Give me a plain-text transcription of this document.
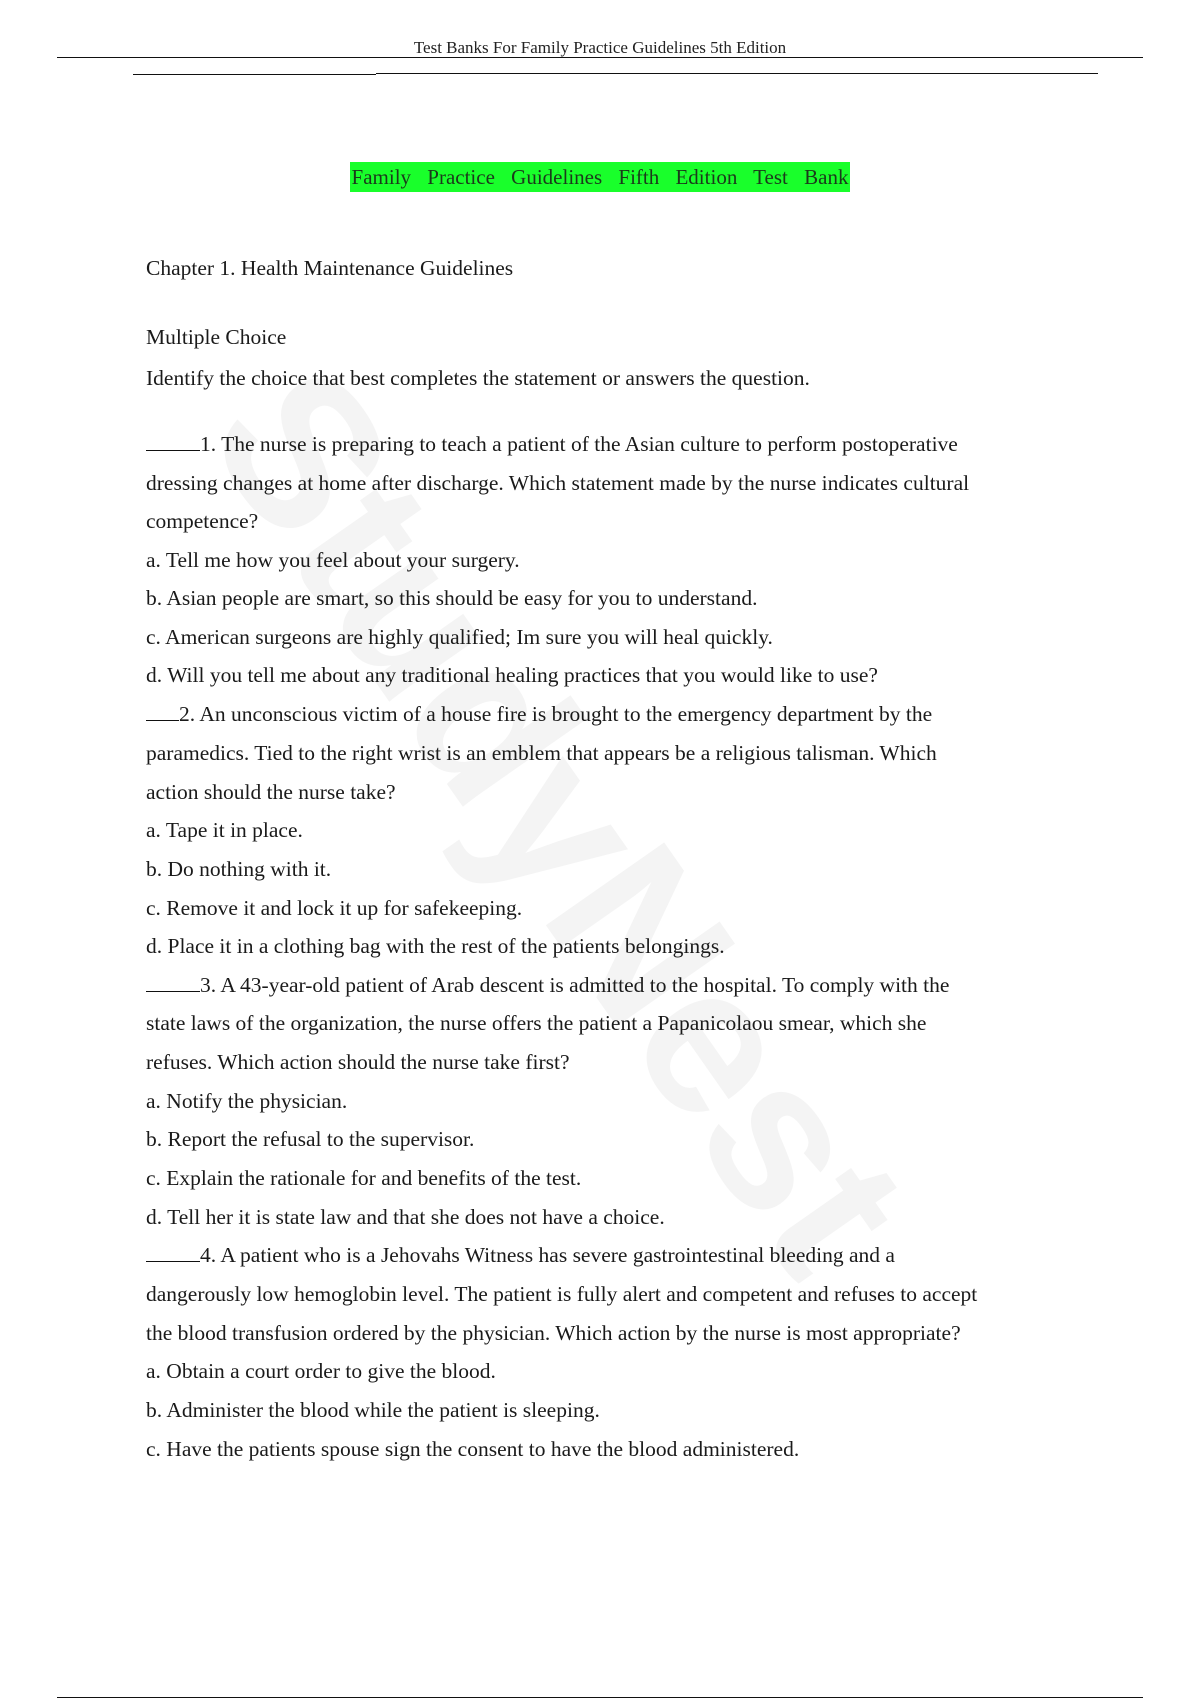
Test Banks For Family Practice Guidelines 5th Edition
Family Practice Guidelines Fifth Edition Test Bank
Chapter 1. Health Maintenance Guidelines
Multiple Choice
Identify the choice that best completes the statement or answers the question.
1. The nurse is preparing to teach a patient of the Asian culture to perform postoperative
dressing changes at home after discharge. Which statement made by the nurse indicates cultural
competence?
a. Tell me how you feel about your surgery.
b. Asian people are smart, so this should be easy for you to understand.
c. American surgeons are highly qualified; Im sure you will heal quickly.
d. Will you tell me about any traditional healing practices that you would like to use?
2. An unconscious victim of a house fire is brought to the emergency department by the
paramedics. Tied to the right wrist is an emblem that appears be a religious talisman. Which
action should the nurse take?
a. Tape it in place.
b. Do nothing with it.
c. Remove it and lock it up for safekeeping.
d. Place it in a clothing bag with the rest of the patients belongings.
3. A 43-year-old patient of Arab descent is admitted to the hospital. To comply with the
state laws of the organization, the nurse offers the patient a Papanicolaou smear, which she
refuses. Which action should the nurse take first?
a. Notify the physician.
b. Report the refusal to the supervisor.
c. Explain the rationale for and benefits of the test.
d. Tell her it is state law and that she does not have a choice.
4. A patient who is a Jehovahs Witness has severe gastrointestinal bleeding and a
dangerously low hemoglobin level. The patient is fully alert and competent and refuses to accept
the blood transfusion ordered by the physician. Which action by the nurse is most appropriate?
a. Obtain a court order to give the blood.
b. Administer the blood while the patient is sleeping.
c. Have the patients spouse sign the consent to have the blood administered.
